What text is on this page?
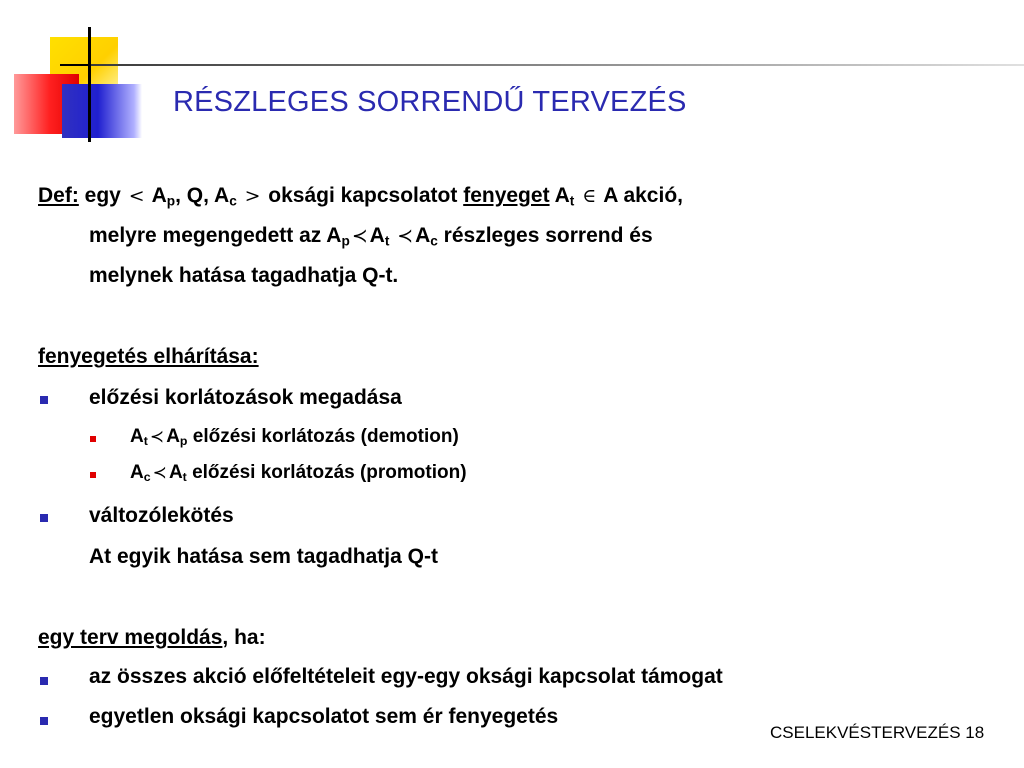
RÉSZLEGES SORRENDŰ TERVEZÉS
Def: egy < $A_p$, Q, $A_c$ > oksági kapcsolatot fenyeget $A_t$ ∈ A akció,
melyre megengedett az $A_p$ $≺A_t$ $≺A_c$ részleges sorrend és
melynek hatása tagadhatja Q-t.
fenyegetés elhárítása:
előzési korlátozások megadása
$A_t$ ≺ $A_p$ előzési korlátozás (demotion)
$A_c$ ≺ $A_t$ előzési korlátozás (promotion)
változólekötés
At egyik hatása sem tagadhatja Q-t
egy terv megoldás, ha:
az összes akció előfeltételeit egy-egy oksági kapcsolat támogat
egyetlen oksági kapcsolatot sem ér fenyegetés
CSELEKVÉSTERVEZÉS 18
